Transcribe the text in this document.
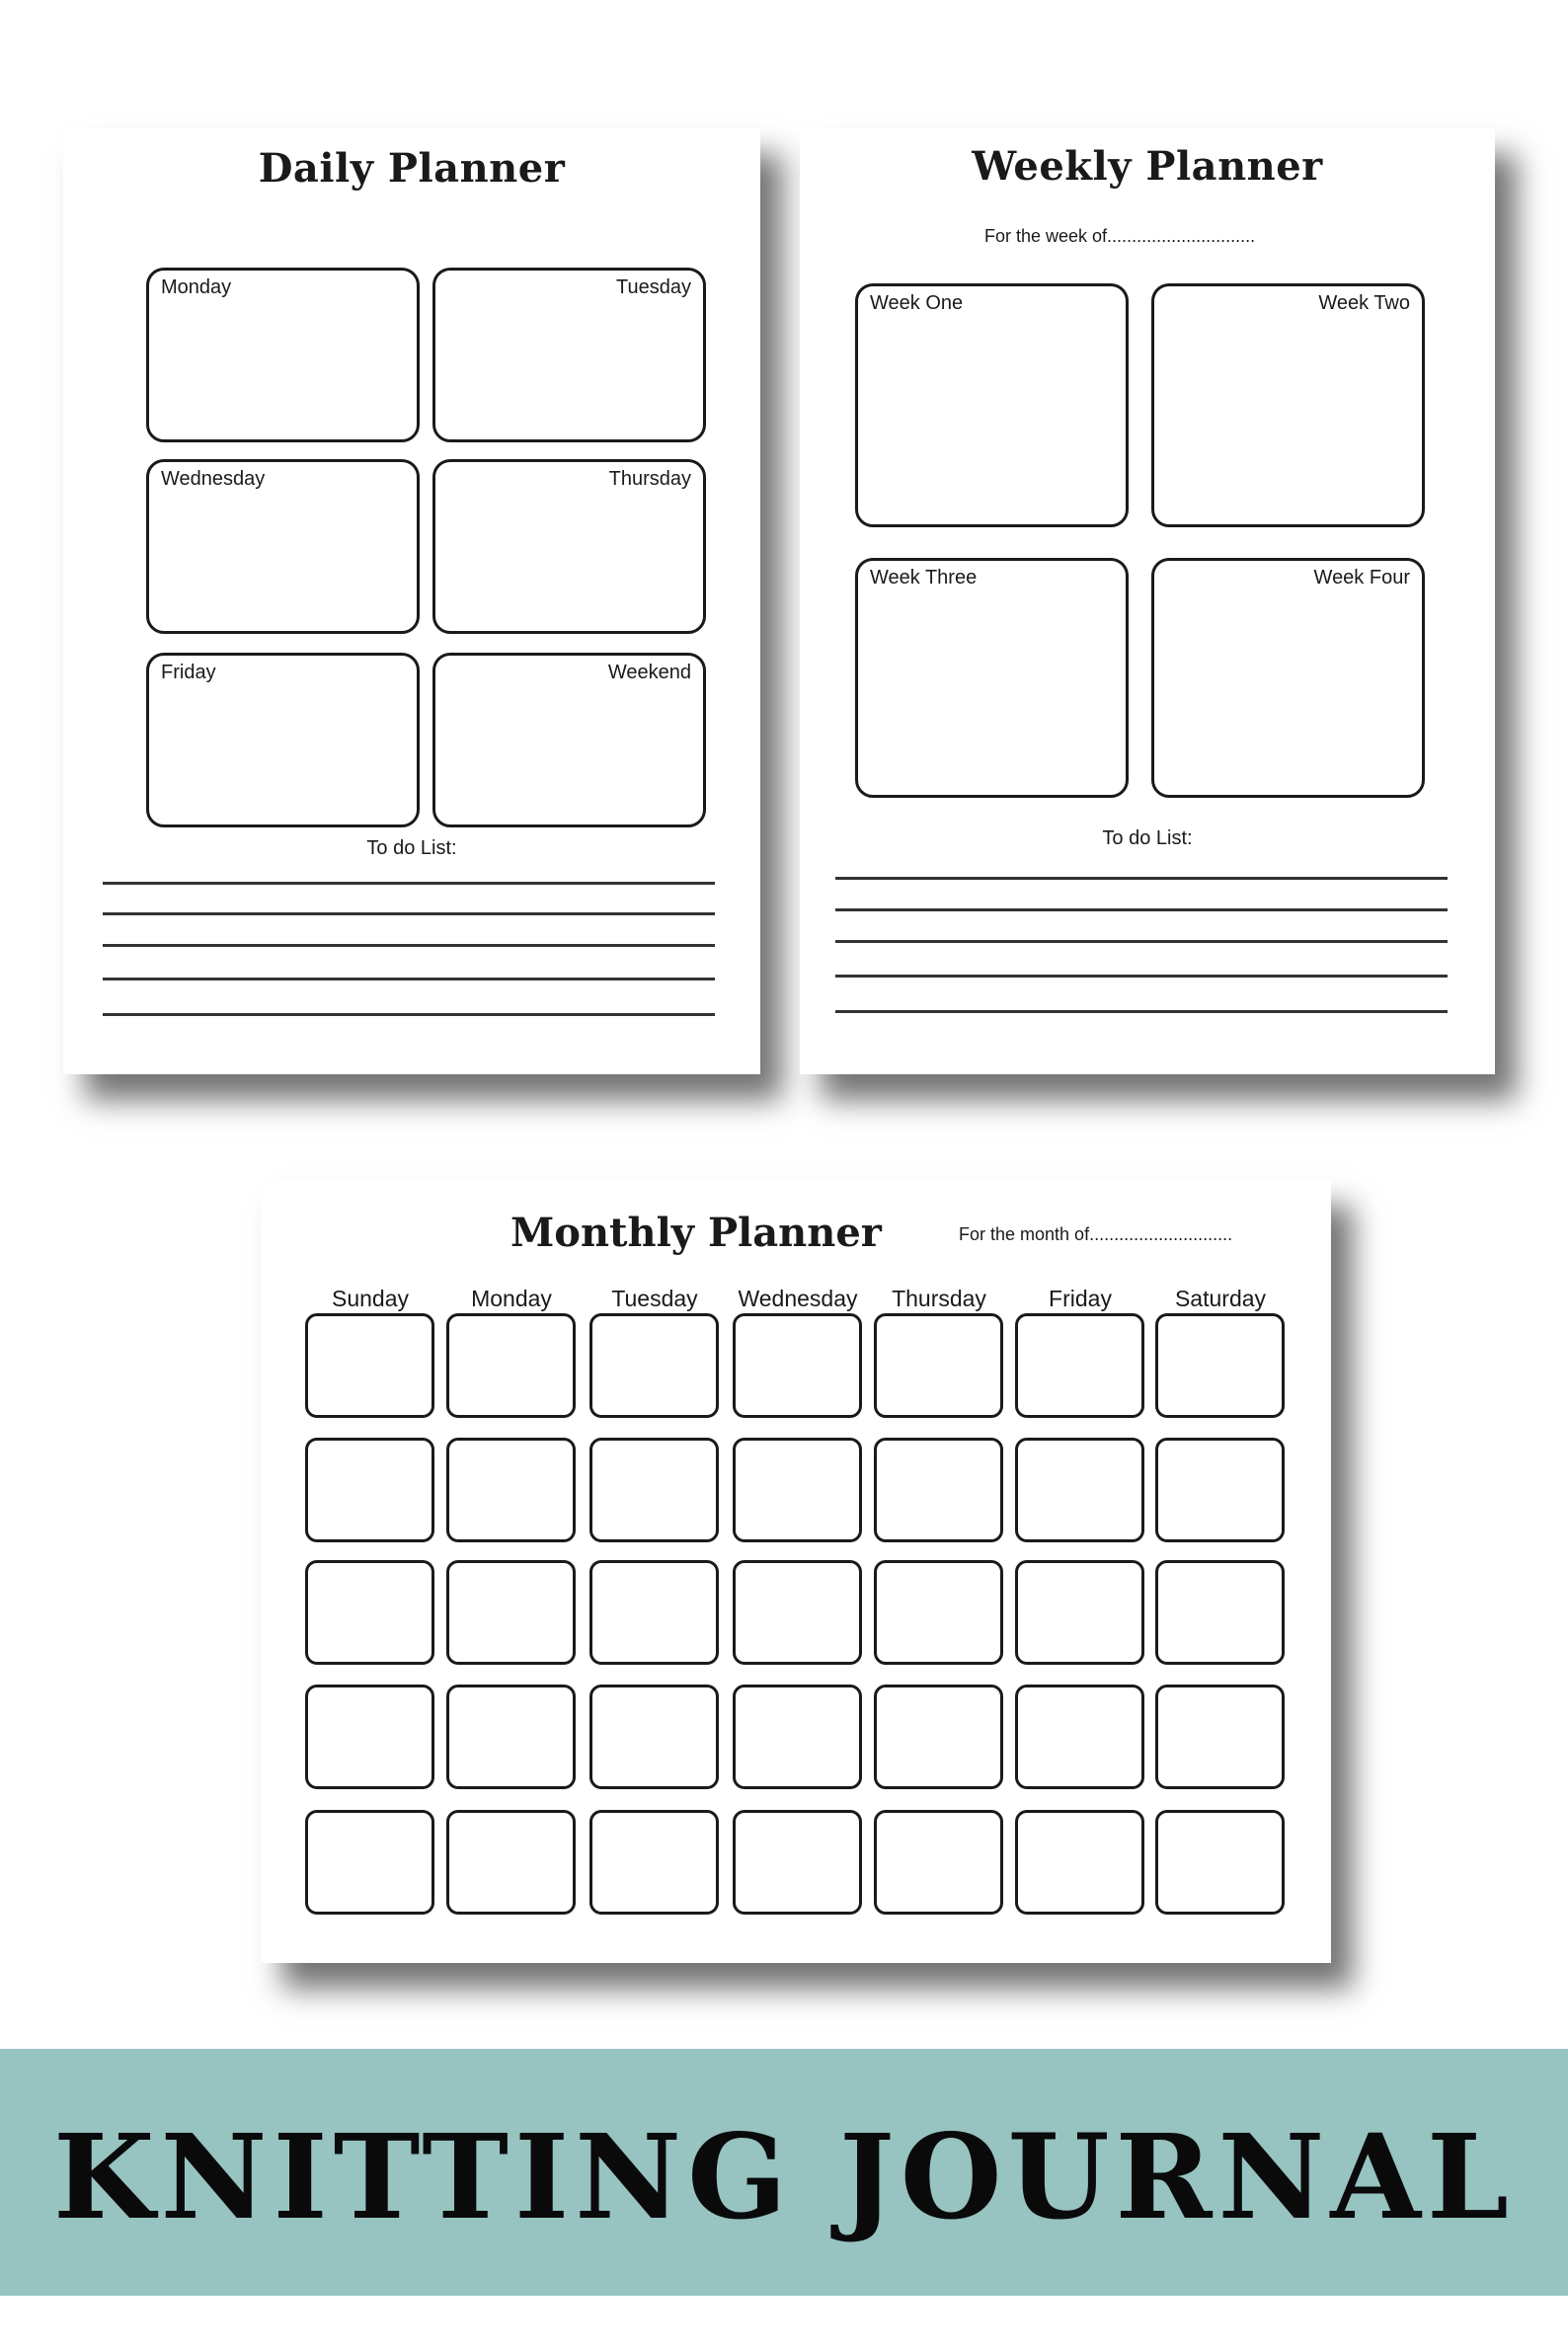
Daily Planner
Monday	Tuesday
Wednesday	Thursday
Friday	Weekend
To do List:
Weekly Planner
For the week of..............................
Week One	Week Two
Week Three	Week Four
To do List:
Monthly Planner	For the month of.............................
Sunday	Monday	Tuesday	Wednesday	Thursday	Friday	Saturday
KNITTING JOURNAL
